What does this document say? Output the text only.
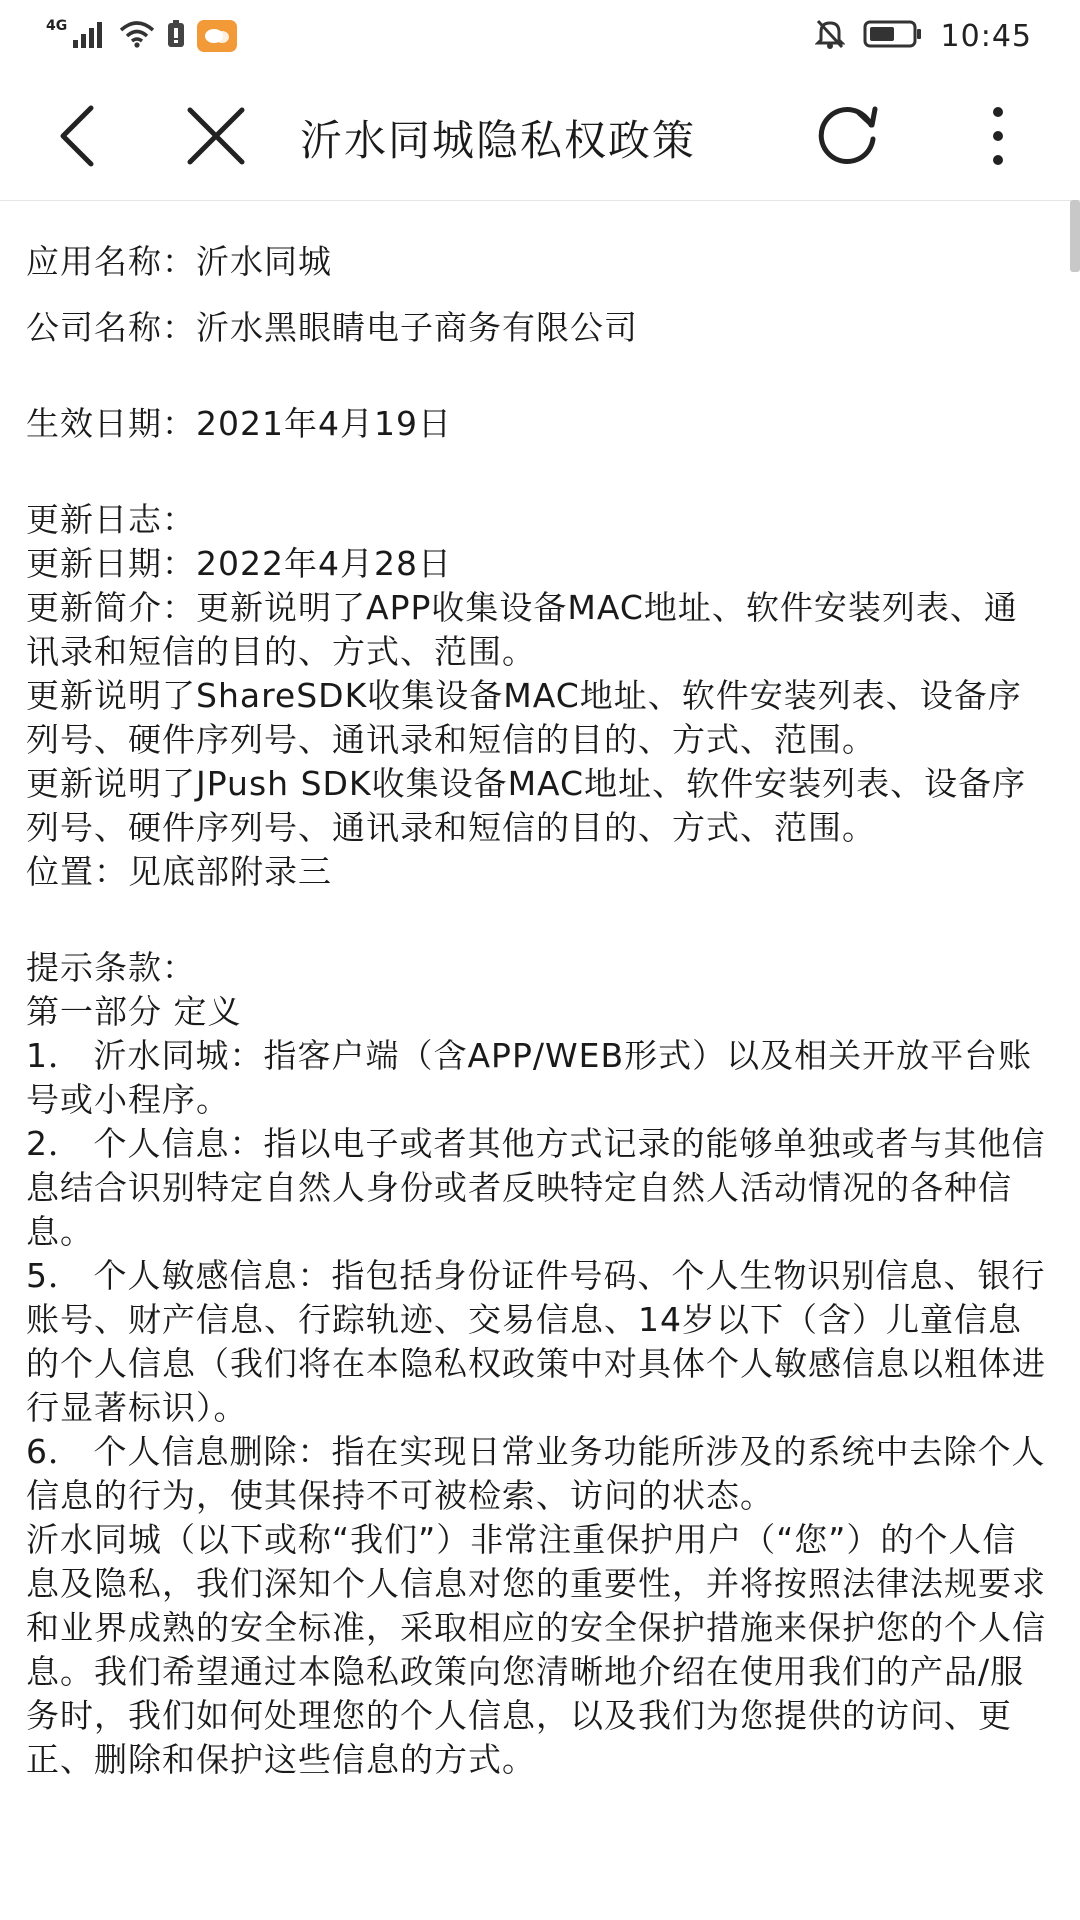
4G	10:45
沂水同城隐私权政策

应用名称：沂水同城

公司名称：沂水黑眼睛电子商务有限公司

生效日期：2021年4月19日

更新日志：

更新日期：2022年4月28日

更新简介：更新说明了APP收集设备MAC地址、软件安装列表、通讯录和短信的目的、方式、范围。

更新说明了ShareSDK收集设备MAC地址、软件安装列表、设备序列号、硬件序列号、通讯录和短信的目的、方式、范围。

更新说明了JPush SDK收集设备MAC地址、软件安装列表、设备序列号、硬件序列号、通讯录和短信的目的、方式、范围。

位置：见底部附录三

提示条款：

第一部分 定义

1． 沂水同城：指客户端（含APP/WEB形式）以及相关开放平台账号或小程序。

2． 个人信息：指以电子或者其他方式记录的能够单独或者与其他信息结合识别特定自然人身份或者反映特定自然人活动情况的各种信息。

5． 个人敏感信息：指包括身份证件号码、个人生物识别信息、银行账号、财产信息、行踪轨迹、交易信息、14岁以下（含）儿童信息的个人信息（我们将在本隐私权政策中对具体个人敏感信息以粗体进行显著标识）。

6． 个人信息删除：指在实现日常业务功能所涉及的系统中去除个人信息的行为，使其保持不可被检索、访问的状态。

沂水同城（以下或称“我们”）非常注重保护用户（“您”）的个人信息及隐私，我们深知个人信息对您的重要性，并将按照法律法规要求和业界成熟的安全标准，采取相应的安全保护措施来保护您的个人信息。我们希望通过本隐私政策向您清晰地介绍在使用我们的产品/服务时，我们如何处理您的个人信息，以及我们为您提供的访问、更正、删除和保护这些信息的方式。
